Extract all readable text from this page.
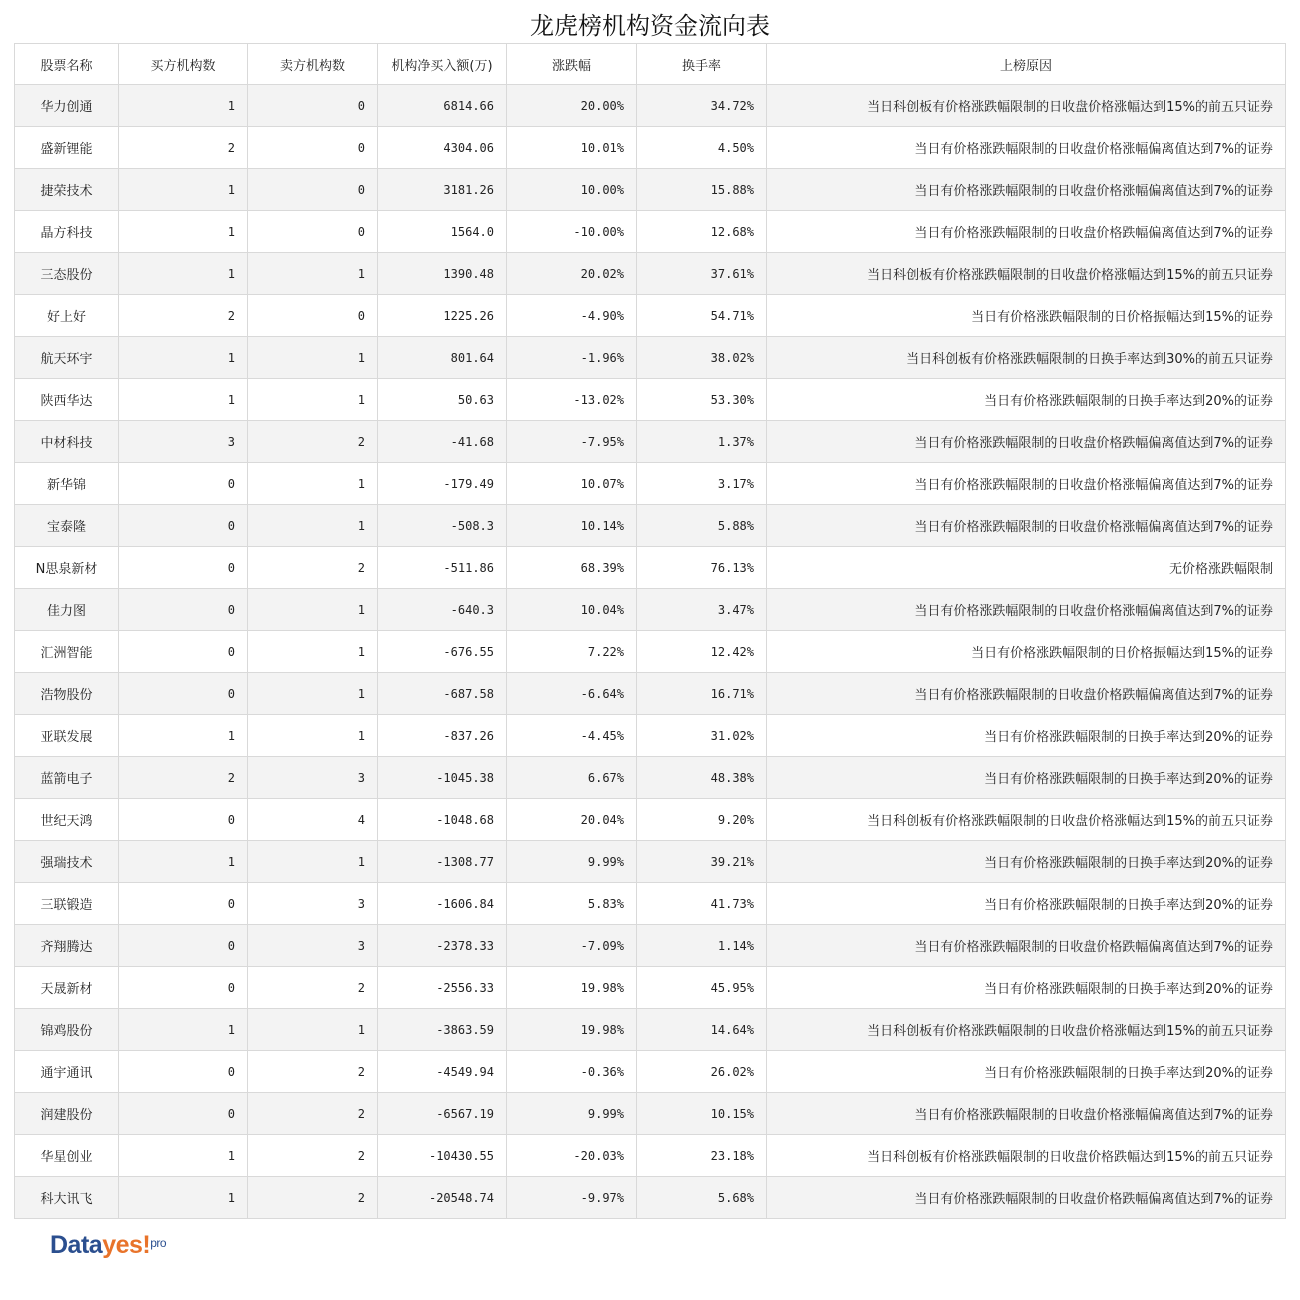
龙虎榜机构资金流向表
股票名称	买方机构数	卖方机构数	机构净买入额(万)	涨跌幅	换手率	上榜原因
华力创通	1	0	6814.66	20.00%	34.72%	当日科创板有价格涨跌幅限制的日收盘价格涨幅达到15%的前五只证券
盛新锂能	2	0	4304.06	10.01%	4.50%	当日有价格涨跌幅限制的日收盘价格涨幅偏离值达到7%的证券
捷荣技术	1	0	3181.26	10.00%	15.88%	当日有价格涨跌幅限制的日收盘价格涨幅偏离值达到7%的证券
晶方科技	1	0	1564.0	-10.00%	12.68%	当日有价格涨跌幅限制的日收盘价格跌幅偏离值达到7%的证券
三态股份	1	1	1390.48	20.02%	37.61%	当日科创板有价格涨跌幅限制的日收盘价格涨幅达到15%的前五只证券
好上好	2	0	1225.26	-4.90%	54.71%	当日有价格涨跌幅限制的日价格振幅达到15%的证券
航天环宇	1	1	801.64	-1.96%	38.02%	当日科创板有价格涨跌幅限制的日换手率达到30%的前五只证券
陕西华达	1	1	50.63	-13.02%	53.30%	当日有价格涨跌幅限制的日换手率达到20%的证券
中材科技	3	2	-41.68	-7.95%	1.37%	当日有价格涨跌幅限制的日收盘价格跌幅偏离值达到7%的证券
新华锦	0	1	-179.49	10.07%	3.17%	当日有价格涨跌幅限制的日收盘价格涨幅偏离值达到7%的证券
宝泰隆	0	1	-508.3	10.14%	5.88%	当日有价格涨跌幅限制的日收盘价格涨幅偏离值达到7%的证券
N思泉新材	0	2	-511.86	68.39%	76.13%	无价格涨跌幅限制
佳力图	0	1	-640.3	10.04%	3.47%	当日有价格涨跌幅限制的日收盘价格涨幅偏离值达到7%的证券
汇洲智能	0	1	-676.55	7.22%	12.42%	当日有价格涨跌幅限制的日价格振幅达到15%的证券
浩物股份	0	1	-687.58	-6.64%	16.71%	当日有价格涨跌幅限制的日收盘价格跌幅偏离值达到7%的证券
亚联发展	1	1	-837.26	-4.45%	31.02%	当日有价格涨跌幅限制的日换手率达到20%的证券
蓝箭电子	2	3	-1045.38	6.67%	48.38%	当日有价格涨跌幅限制的日换手率达到20%的证券
世纪天鸿	0	4	-1048.68	20.04%	9.20%	当日科创板有价格涨跌幅限制的日收盘价格涨幅达到15%的前五只证券
强瑞技术	1	1	-1308.77	9.99%	39.21%	当日有价格涨跌幅限制的日换手率达到20%的证券
三联锻造	0	3	-1606.84	5.83%	41.73%	当日有价格涨跌幅限制的日换手率达到20%的证券
齐翔腾达	0	3	-2378.33	-7.09%	1.14%	当日有价格涨跌幅限制的日收盘价格跌幅偏离值达到7%的证券
天晟新材	0	2	-2556.33	19.98%	45.95%	当日有价格涨跌幅限制的日换手率达到20%的证券
锦鸡股份	1	1	-3863.59	19.98%	14.64%	当日科创板有价格涨跌幅限制的日收盘价格涨幅达到15%的前五只证券
通宇通讯	0	2	-4549.94	-0.36%	26.02%	当日有价格涨跌幅限制的日换手率达到20%的证券
润建股份	0	2	-6567.19	9.99%	10.15%	当日有价格涨跌幅限制的日收盘价格涨幅偏离值达到7%的证券
华星创业	1	2	-10430.55	-20.03%	23.18%	当日科创板有价格涨跌幅限制的日收盘价格跌幅达到15%的前五只证券
科大讯飞	1	2	-20548.74	-9.97%	5.68%	当日有价格涨跌幅限制的日收盘价格跌幅偏离值达到7%的证券
Datayes!$^{pro}$
